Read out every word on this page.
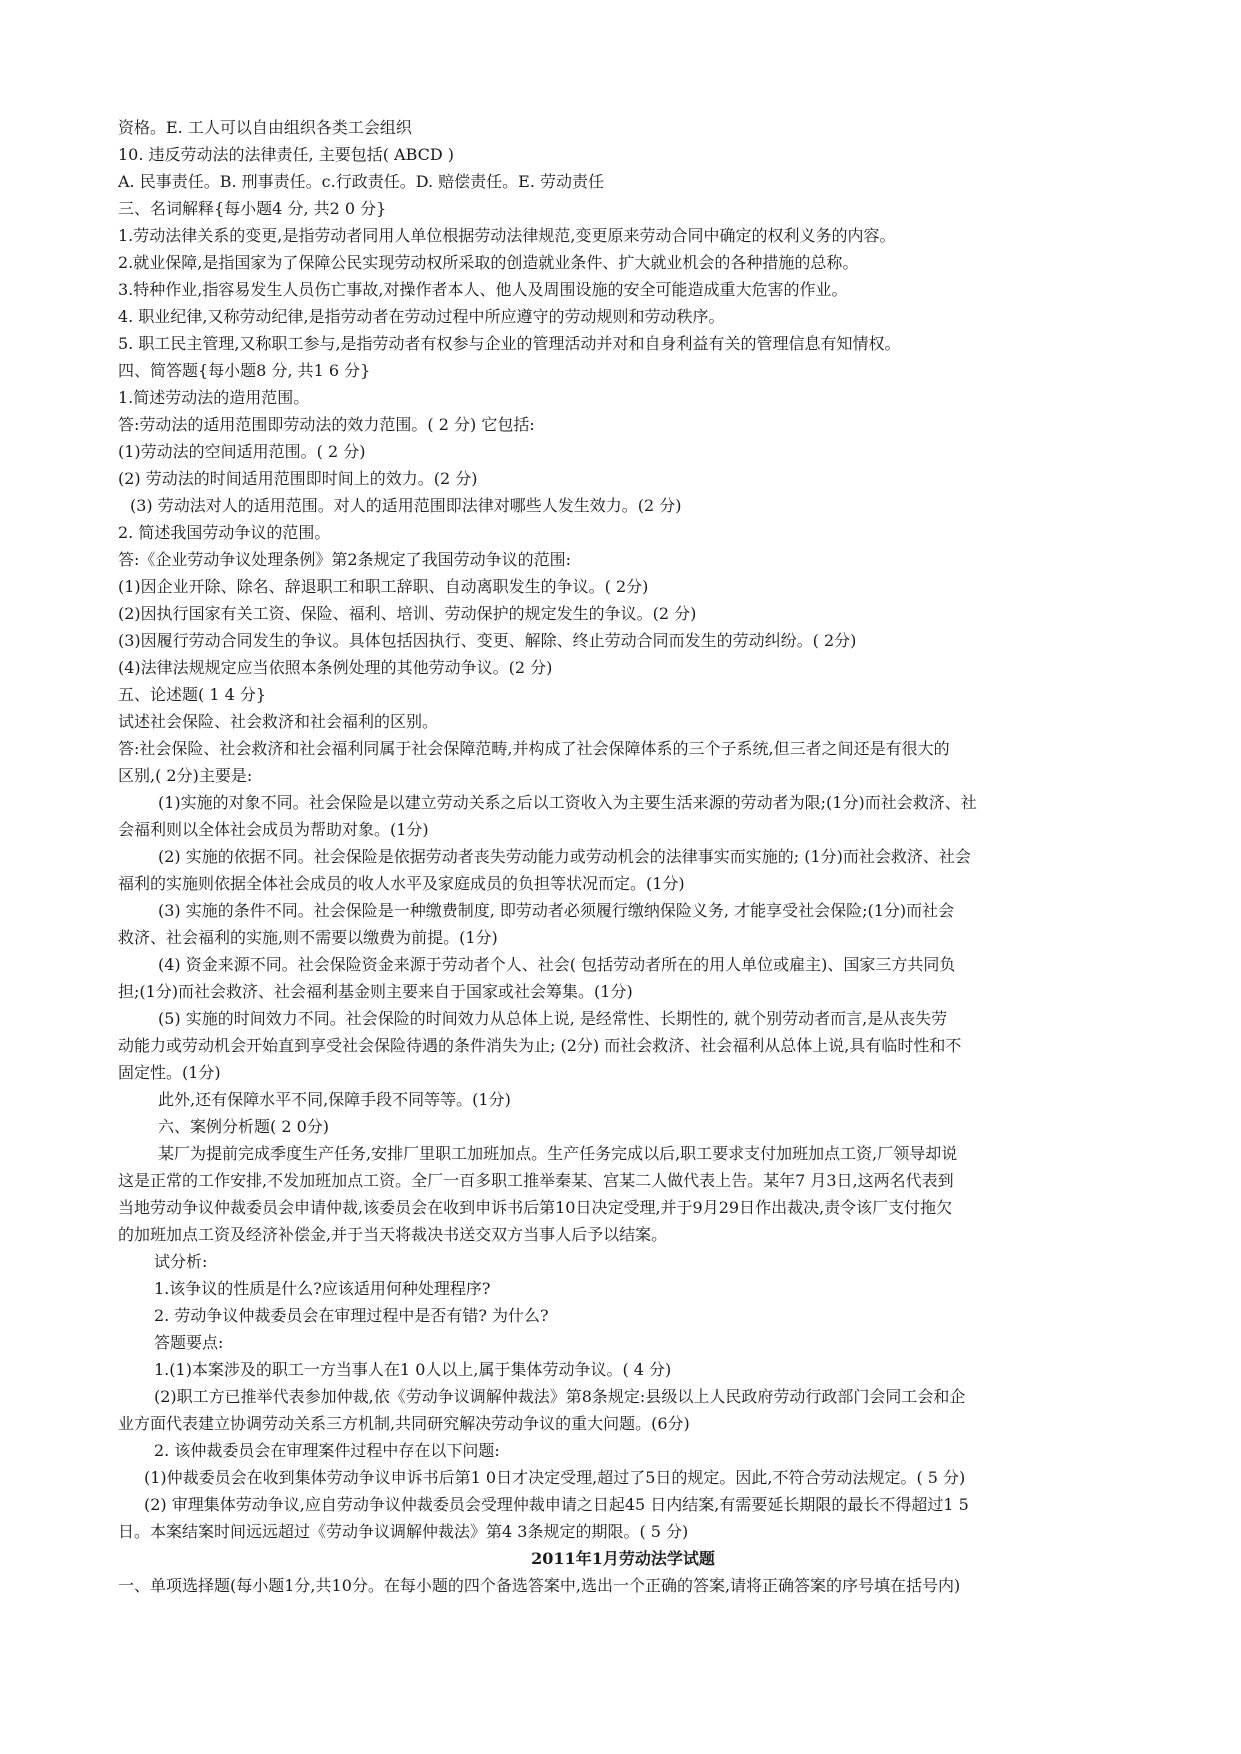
资格。E. 工人可以自由组织各类工会组织
10. 违反劳动法的法律责任, 主要包括( ABCD )
A. 民事责任。B. 刑事责任。c.行政责任。D. 赔偿责任。E. 劳动责任
三、名词解释{每小题4 分, 共2 0 分}
1.劳动法律关系的变更,是指劳动者同用人单位根据劳动法律规范,变更原来劳动合同中确定的权利义务的内容。
2.就业保障,是指国家为了保障公民实现劳动权所采取的创造就业条件、扩大就业机会的各种措施的总称。
3.特种作业,指容易发生人员伤亡事故,对操作者本人、他人及周围设施的安全可能造成重大危害的作业。
4. 职业纪律,又称劳动纪律,是指劳动者在劳动过程中所应遵守的劳动规则和劳动秩序。
5. 职工民主管理,又称职工参与,是指劳动者有权参与企业的管理活动并对和自身利益有关的管理信息有知情权。
四、简答题{每小题8 分, 共1 6 分}
1.简述劳动法的造用范围。
答:劳动法的适用范围即劳动法的效力范围。( 2 分) 它包括:
(1)劳动法的空间适用范围。( 2 分)
(2) 劳动法的时间适用范围即时间上的效力。(2 分)
(3) 劳动法对人的适用范围。对人的适用范围即法律对哪些人发生效力。(2 分)
2. 简述我国劳动争议的范围。
答:《企业劳动争议处理条例》第2条规定了我国劳动争议的范围:
(1)因企业开除、除名、辞退职工和职工辞职、自动离职发生的争议。( 2分)
(2)因执行国家有关工资、保险、福利、培训、劳动保护的规定发生的争议。(2 分)
(3)因履行劳动合同发生的争议。具体包括因执行、变更、解除、终止劳动合同而发生的劳动纠纷。( 2分)
(4)法律法规规定应当依照本条例处理的其他劳动争议。(2 分)
五、论述题( 1 4 分}
试述社会保险、社会救济和社会福利的区别。
答:社会保险、社会救济和社会福利同属于社会保障范畴,并构成了社会保障体系的三个子系统,但三者之间还是有很大的
区别,( 2分)主要是:
(1)实施的对象不同。社会保险是以建立劳动关系之后以工资收入为主要生活来源的劳动者为限;(1分)而社会救济、社
会福利则以全体社会成员为帮助对象。(1分)
(2) 实施的依据不同。社会保险是依据劳动者丧失劳动能力或劳动机会的法律事实而实施的; (1分)而社会救济、社会
福利的实施则依据全体社会成员的收人水平及家庭成员的负担等状况而定。(1分)
(3) 实施的条件不同。社会保险是一种缴费制度, 即劳动者必须履行缴纳保险义务, 才能享受社会保险;(1分)而社会
救济、社会福利的实施,则不需要以缴费为前提。(1分)
(4) 资金来源不同。社会保险资金来源于劳动者个人、社会( 包括劳动者所在的用人单位或雇主)、国家三方共同负
担;(1分)而社会救济、社会福利基金则主要来自于国家或社会筹集。(1分)
(5) 实施的时间效力不同。社会保险的时间效力从总体上说, 是经常性、长期性的, 就个别劳动者而言,是从丧失劳
动能力或劳动机会开始直到享受社会保险待遇的条件消失为止; (2分) 而社会救济、社会福利从总体上说,具有临时性和不
固定性。(1分)
此外,还有保障水平不同,保障手段不同等等。(1分)
六、案例分析题( 2 0分)
某厂为提前完成季度生产任务,安排厂里职工加班加点。生产任务完成以后,职工要求支付加班加点工资,厂领导却说
这是正常的工作安排,不发加班加点工资。全厂一百多职工推举秦某、宫某二人做代表上告。某年7 月3日,这两名代表到
当地劳动争议仲裁委员会申请仲裁,该委员会在收到申诉书后第10日决定受理,并于9月29日作出裁决,责令该厂支付拖欠
的加班加点工资及经济补偿金,并于当天将裁决书送交双方当事人后予以结案。
试分析:
1.该争议的性质是什么?应该适用何种处理程序?
2. 劳动争议仲裁委员会在审理过程中是否有错? 为什么?
答题要点:
1.(1)本案涉及的职工一方当事人在1 0人以上,属于集体劳动争议。( 4 分)
(2)职工方已推举代表参加仲裁,依《劳动争议调解仲裁法》第8条规定:县级以上人民政府劳动行政部门会同工会和企
业方面代表建立协调劳动关系三方机制,共同研究解决劳动争议的重大问题。(6分)
2. 该仲裁委员会在审理案件过程中存在以下问题:
(1)仲裁委员会在收到集体劳动争议申诉书后第1 0日才决定受理,超过了5日的规定。因此,不符合劳动法规定。( 5 分)
(2) 审理集体劳动争议,应自劳动争议仲裁委员会受理仲裁申请之日起45 日内结案,有需要延长期限的最长不得超过1 5
日。本案结案时间远远超过《劳动争议调解仲裁法》第4 3条规定的期限。( 5 分)
2011年1月劳动法学试题
一、单项选择题(每小题1分,共10分。在每小题的四个备选答案中,选出一个正确的答案,请将正确答案的序号填在括号内)
